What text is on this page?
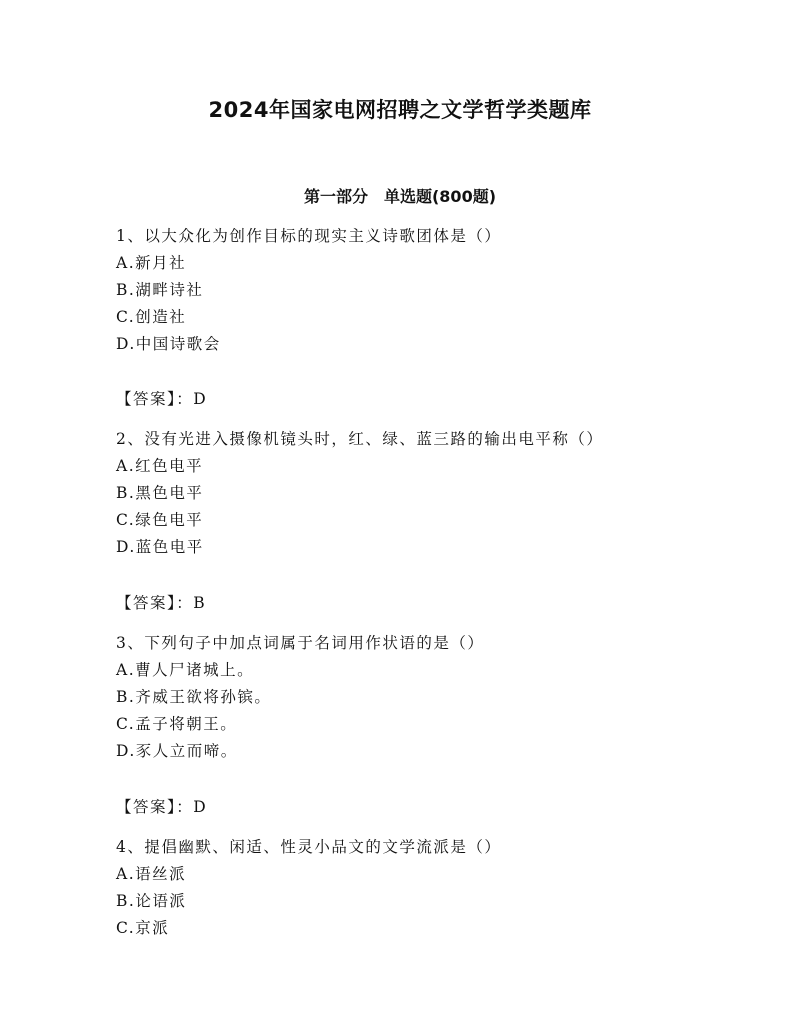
2024年国家电网招聘之文学哲学类题库
第一部分　单选题(800题)
1、以大众化为创作目标的现实主义诗歌团体是（）
A.新月社
B.湖畔诗社
C.创造社
D.中国诗歌会
【答案】：D
2、没有光进入摄像机镜头时，红、绿、蓝三路的输出电平称（）
A.红色电平
B.黑色电平
C.绿色电平
D.蓝色电平
【答案】：B
3、下列句子中加点词属于名词用作状语的是（）
A.曹人尸诸城上。
B.齐威王欲将孙镔。
C.孟子将朝王。
D.豕人立而啼。
【答案】：D
4、提倡幽默、闲适、性灵小品文的文学流派是（）
A.语丝派
B.论语派
C.京派
